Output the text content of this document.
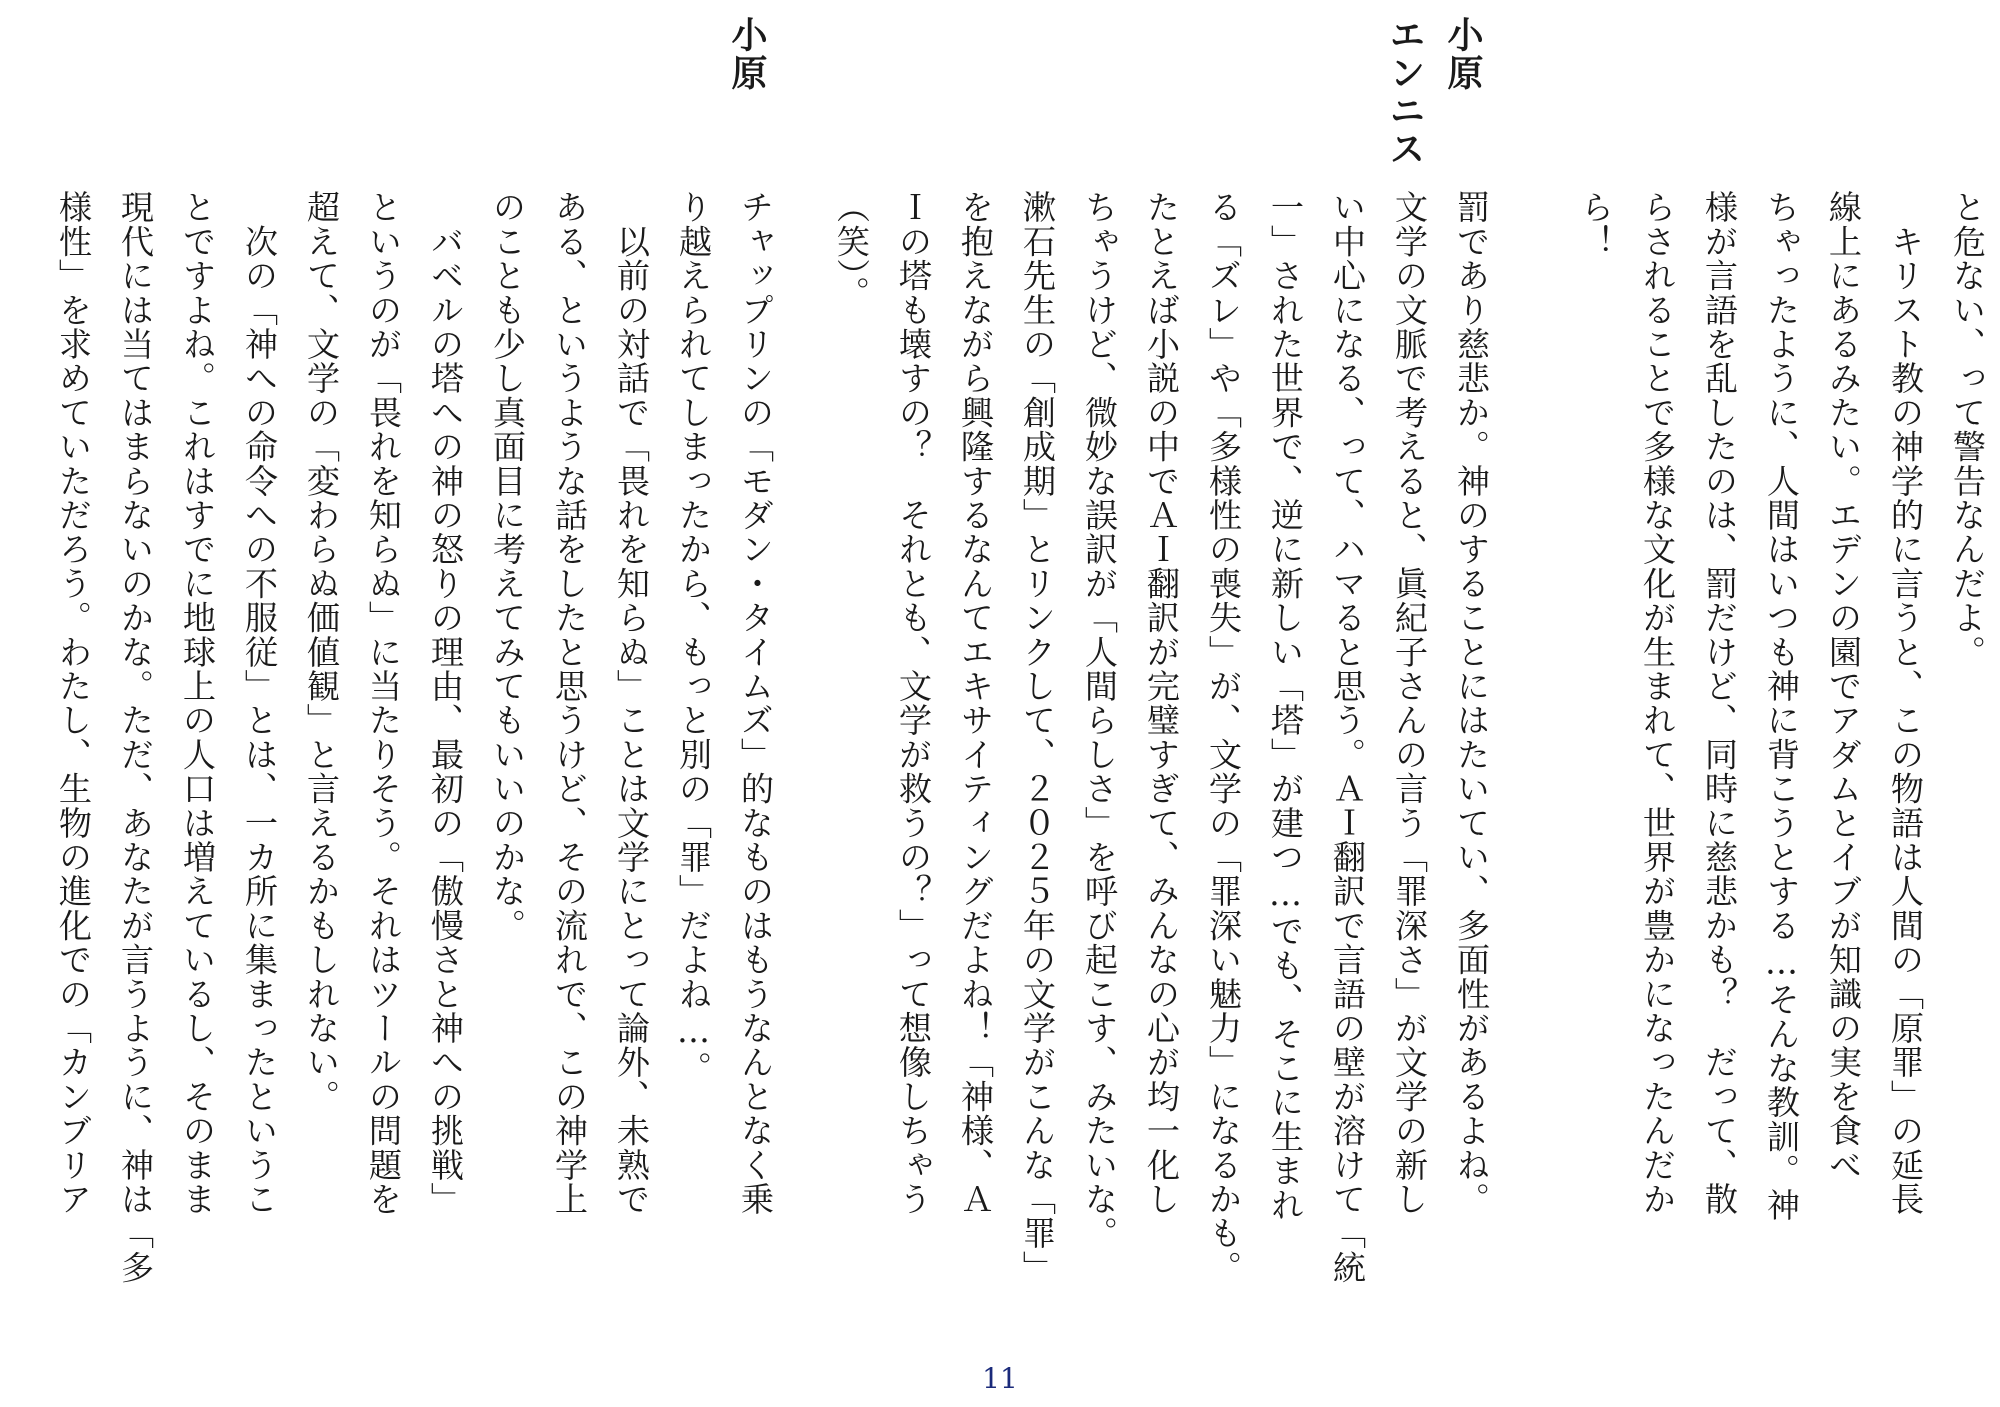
小原
エンニス
小原
と危ない、って警告なんだよ。
　キリスト教の神学的に言うと、この物語は人間の「原罪」の延長
線上にあるみたい。エデンの園でアダムとイブが知識の実を食べ
ちゃったように、人間はいつも神に背こうとする…そんな教訓。神
様が言語を乱したのは、罰だけど、同時に慈悲かも？　だって、散
らされることで多様な文化が生まれて、世界が豊かになったんだか
ら！
罰であり慈悲か。神のすることにはたいてい、多面性があるよね。
文学の文脈で考えると、眞紀子さんの言う「罪深さ」が文学の新し
い中心になる、って、ハマると思う。ＡＩ翻訳で言語の壁が溶けて「統
一」された世界で、逆に新しい「塔」が建つ…でも、そこに生まれ
る「ズレ」や「多様性の喪失」が、文学の「罪深い魅力」になるかも。
たとえば小説の中でＡＩ翻訳が完璧すぎて、みんなの心が均一化し
ちゃうけど、微妙な誤訳が「人間らしさ」を呼び起こす、みたいな。
漱石先生の「創成期」とリンクして、２０２５年の文学がこんな「罪」
を抱えながら興隆するなんてエキサイティングだよね！「神様、Ａ
Ｉの塔も壊すの？　それとも、文学が救うの？」って想像しちゃう
（笑）。
チャップリンの「モダン・タイムズ」的なものはもうなんとなく乗
り越えられてしまったから、もっと別の「罪」だよね…。
　以前の対話で「畏れを知らぬ」ことは文学にとって論外、未熟で
ある、というような話をしたと思うけど、その流れで、この神学上
のことも少し真面目に考えてみてもいいのかな。
　バベルの塔への神の怒りの理由、最初の「傲慢さと神への挑戦」
というのが「畏れを知らぬ」に当たりそう。それはツールの問題を
超えて、文学の「変わらぬ価値観」と言えるかもしれない。
　次の「神への命令への不服従」とは、一カ所に集まったというこ
とですよね。これはすでに地球上の人口は増えているし、そのまま
現代には当てはまらないのかな。ただ、あなたが言うように、神は「多
様性」を求めていただろう。わたし、生物の進化での「カンブリア
11
